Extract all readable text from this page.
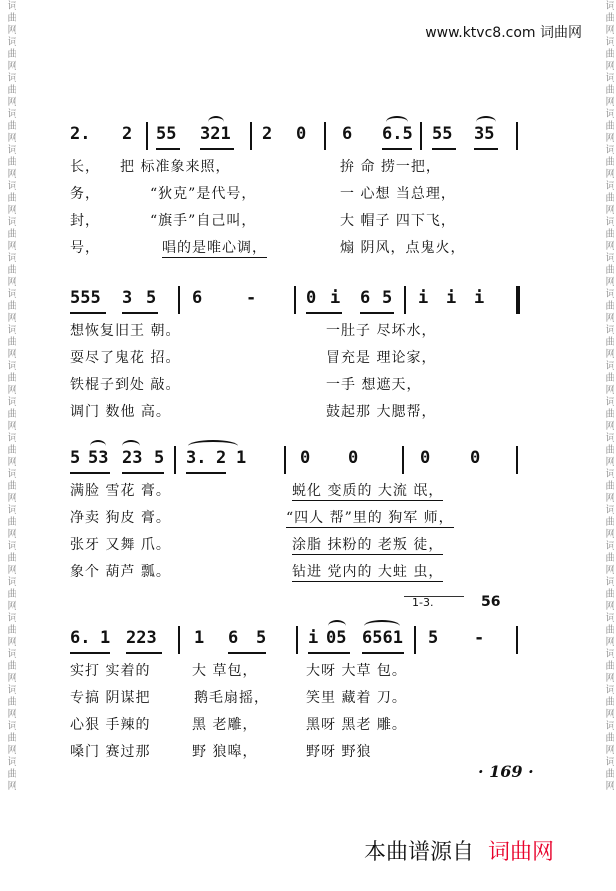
词曲网词曲网词曲网词曲网词曲网词曲网词曲网词曲网词曲网词曲网词曲网词曲网词曲网词曲网词曲网词曲网词曲网词曲网词曲网词曲网词曲网词曲网	词曲网词曲网词曲网词曲网词曲网词曲网词曲网词曲网词曲网词曲网词曲网词曲网词曲网词曲网词曲网词曲网词曲网词曲网词曲网词曲网词曲网词曲网
www.ktvc8.com 词曲网
2. 2 55 321 2 0 6 6.5 55 35
长， 把 标准象来照，	拚 命 捞一把，
务，	“狄克”是代号，	一 心想 当总理，
封，	“旗手”自己叫，	大 帽子 四下飞，
号，	唱的是唯心调，	煽 阴风，点鬼火，
555 3 5 6	-	0 i 6 5 i i i
想恢复旧王 朝。	一肚子 尽坏水，
耍尽了鬼花 招。	冒充是 理论家，
铁棍子到处 敲。	一手 想遮天，
调门 数他 高。	鼓起那 大腮帮，
5 53 23 5 3. 2 1	0 0	0 0
满脸 雪花 膏。	蜕化 变质的 大流 氓，
净卖 狗皮 膏。	“四人 帮”里的 狗军 师，
张牙 又舞 爪。	涂脂 抹粉的 老叛 徒，
象个 葫芦 瓢。	钻进 党内的 大蛀 虫，
1-3.	56
6. 1 223 1 6 5 i 05 6561 5 -
实打 实着的	大 草包，	大呀 大草 包。
专搞 阴谋把	鹅毛扇摇，	笑里 藏着 刀。
心狠 手辣的	黑 老雕，	黑呀 黑老 雕。
嗓门 赛过那	野 狼嗥，	野呀 野狼
· 169 ·
本曲谱源自 词曲网
